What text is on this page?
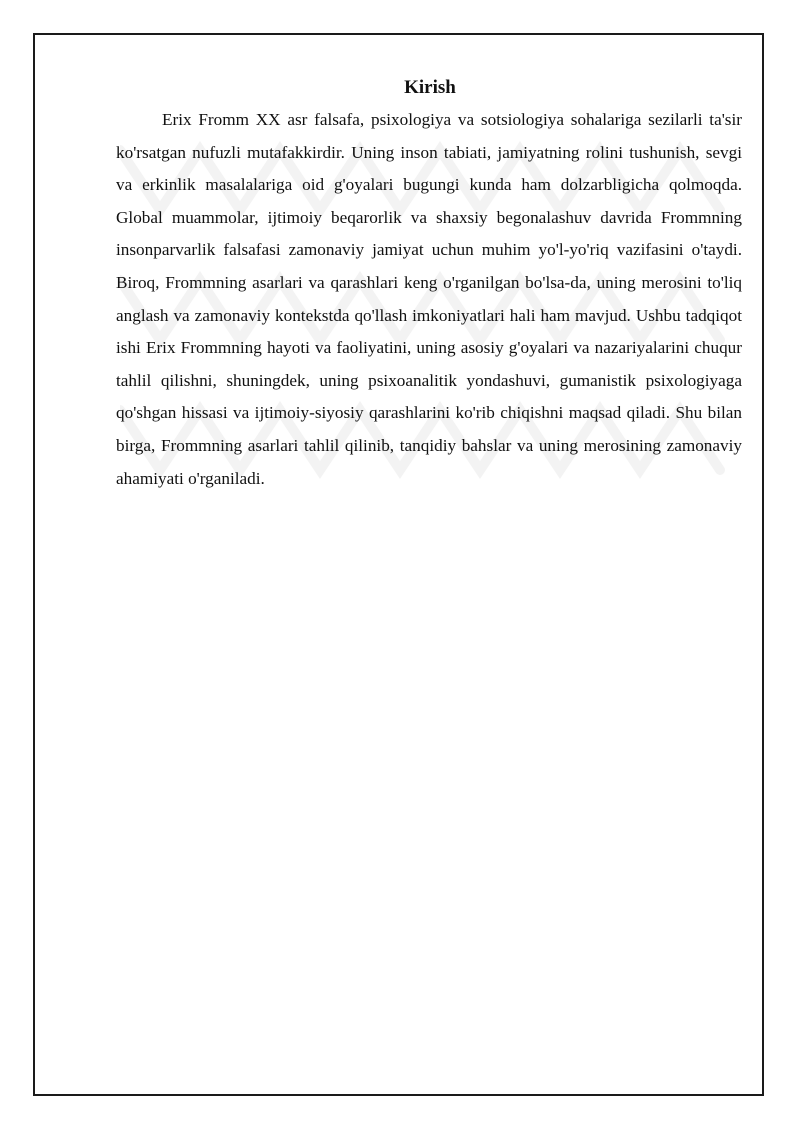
Kirish

Erix Fromm XX asr falsafa, psixologiya va sotsiologiya sohalariga sezilarli ta'sir ko'rsatgan nufuzli mutafakkirdir. Uning inson tabiati, jamiyatning rolini tushunish, sevgi va erkinlik masalalariga oid g'oyalari bugungi kunda ham dolzarbligicha qolmoqda. Global muammolar, ijtimoiy beqarorlik va shaxsiy begonalashuv davrida Frommning insonparvarlik falsafasi zamonaviy jamiyat uchun muhim yo'l-yo'riq vazifasini o'taydi. Biroq, Frommning asarlari va qarashlari keng o'rganilgan bo'lsa-da, uning merosini to'liq anglash va zamonaviy kontekstda qo'llash imkoniyatlari hali ham mavjud. Ushbu tadqiqot ishi Erix Frommning hayoti va faoliyatini, uning asosiy g'oyalari va nazariyalarini chuqur tahlil qilishni, shuningdek, uning psixoanalitik yondashuvi, gumanistik psixologiyaga qo'shgan hissasi va ijtimoiy-siyosiy qarashlarini ko'rib chiqishni maqsad qiladi. Shu bilan birga, Frommning asarlari tahlil qilinib, tanqidiy bahslar va uning merosining zamonaviy ahamiyati o'rganiladi.
